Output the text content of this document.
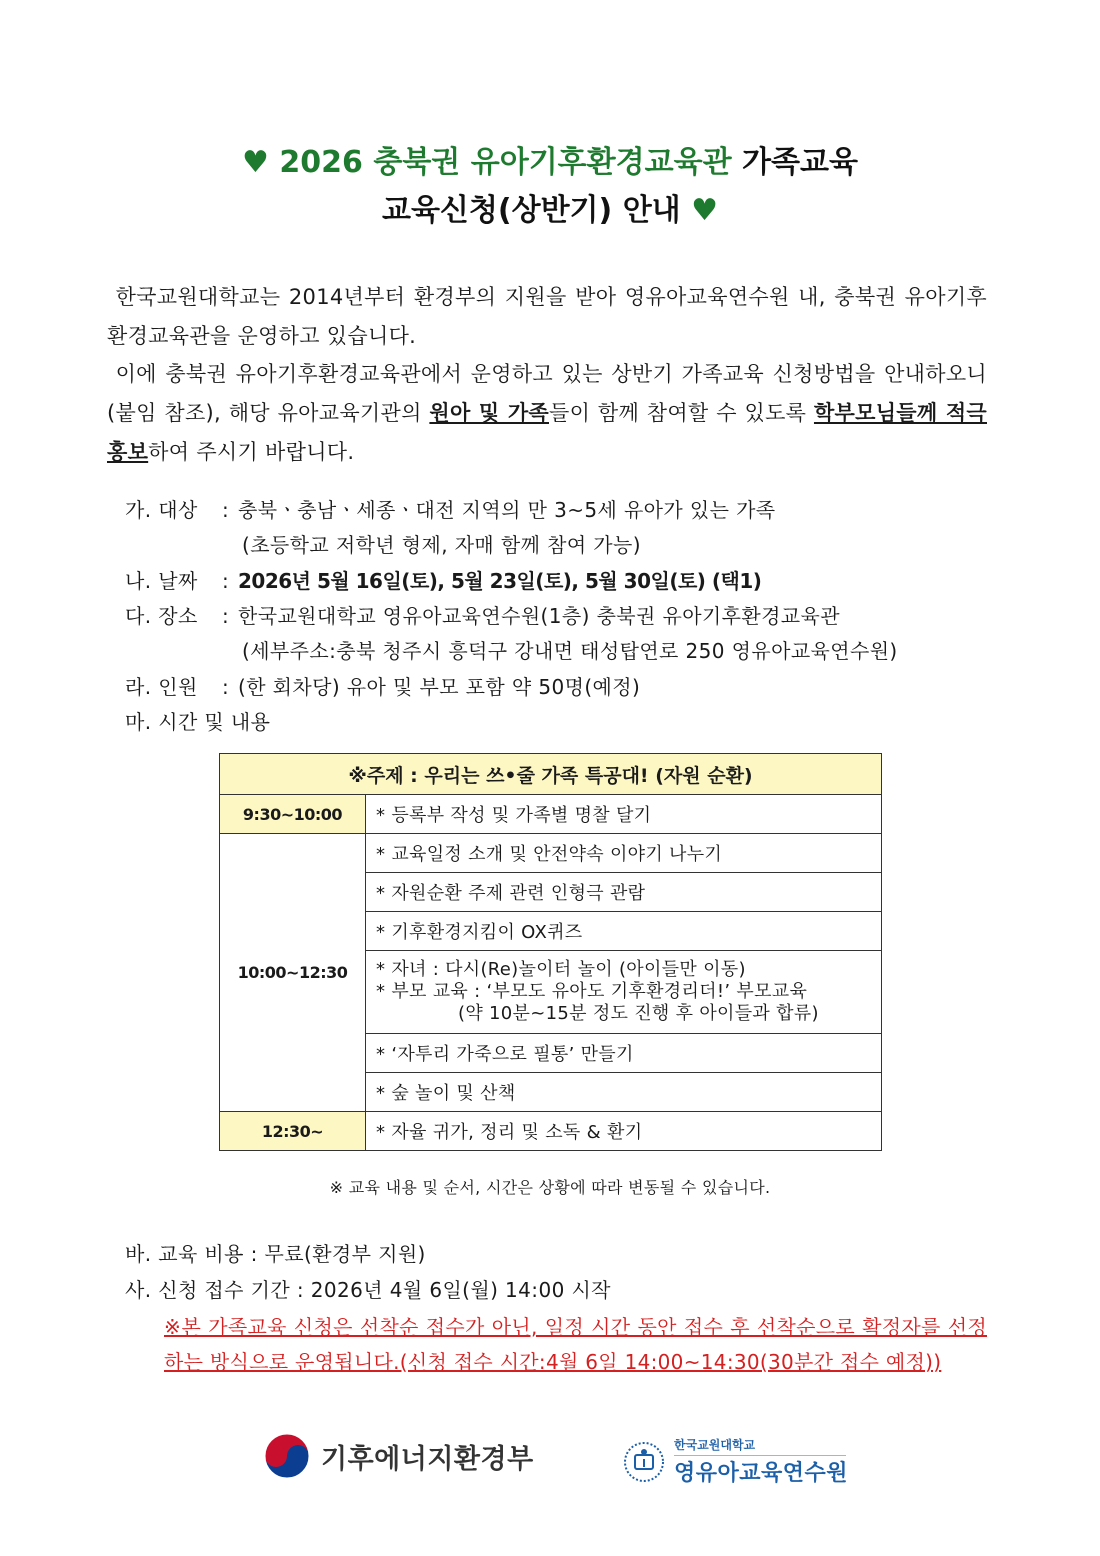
♥ 2026 충북권 유아기후환경교육관 가족교육
교육신청(상반기) 안내 ♥
한국교원대학교는 2014년부터 환경부의 지원을 받아 영유아교육연수원 내, 충북권 유아기후환경교육관을 운영하고 있습니다.
이에 충북권 유아기후환경교육관에서 운영하고 있는 상반기 가족교육 신청방법을 안내하오니(붙임 참조), 해당 유아교육기관의 원아 및 가족들이 함께 참여할 수 있도록 학부모님들께 적극 홍보하여 주시기 바랍니다.
가. 대상 : 충북ㆍ충남ㆍ세종ㆍ대전 지역의 만 3~5세 유아가 있는 가족
(초등학교 저학년 형제, 자매 함께 참여 가능)
나. 날짜 : 2026년 5월 16일(토), 5월 23일(토), 5월 30일(토) (택1)
다. 장소 : 한국교원대학교 영유아교육연수원(1층) 충북권 유아기후환경교육관
(세부주소:충북 청주시 흥덕구 강내면 태성탑연로 250 영유아교육연수원)
라. 인원 : (한 회차당) 유아 및 부모 포함 약 50명(예정)
마. 시간 및 내용
※주제 : 우리는 쓰•줄 가족 특공대! (자원 순환)	
9:30~10:00	* 등록부 작성 및 가족별 명찰 달기
10:00~12:30	* 교육일정 소개 및 안전약속 이야기 나누기
	* 자원순환 주제 관련 인형극 관람
	* 기후환경지킴이 OX퀴즈

	* 자녀 : 다시(Re)놀이터 놀이 (아이들만 이동)
* 부모 교육 : ‘부모도 유아도 기후환경리더!’ 부모교육
(약 10분~15분 정도 진행 후 아이들과 합류)

	* ‘자투리 가죽으로 필통’ 만들기
	* 숲 놀이 및 산책
12:30~	* 자율 귀가, 정리 및 소독 & 환기
※ 교육 내용 및 순서, 시간은 상황에 따라 변동될 수 있습니다.
바. 교육 비용 : 무료(환경부 지원)
사. 신청 접수 기간 : 2026년 4월 6일(월) 14:00 시작
※본 가족교육 신청은 선착순 접수가 아닌, 일정 시간 동안 접수 후 선착순으로 확정자를 선정하는 방식으로 운영됩니다.(신청 접수 시간:4월 6일 14:00~14:30(30분간 접수 예정))
기후에너지환경부	한국교원대학교
영유아교육연수원
